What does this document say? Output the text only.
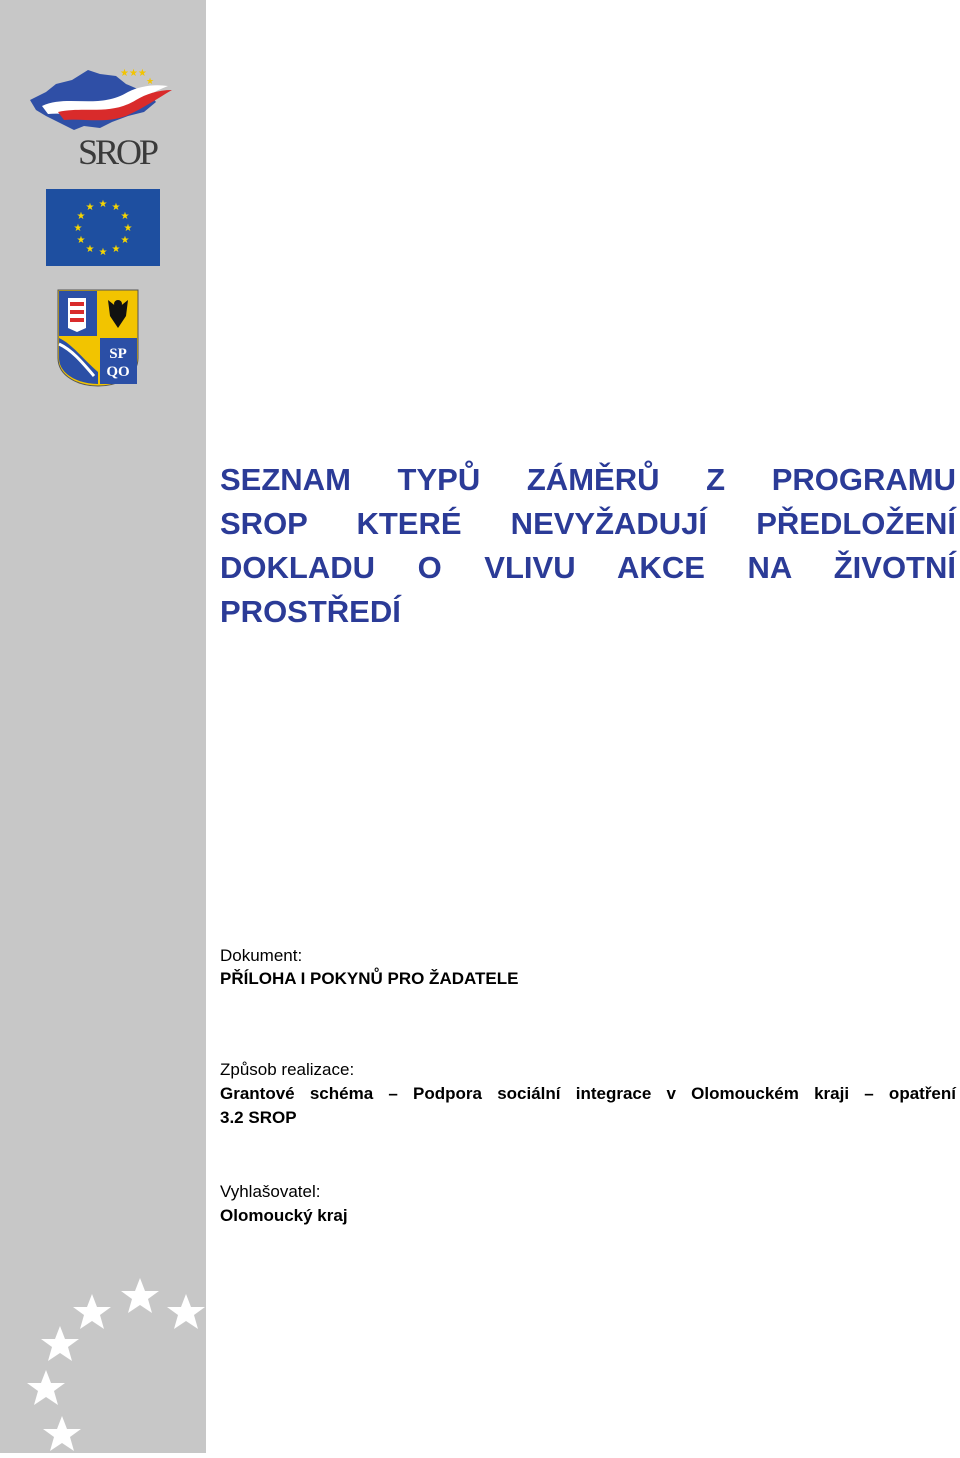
★★★
★
SROP
★ ★
★
★
★
★
★
★
★
★
★
★
SP
QO
SEZNAM TYPŮ ZÁMĚRŮ Z PROGRAMU
SROP KTERÉ NEVYŽADUJÍ PŘEDLOŽENÍ
DOKLADU O VLIVU AKCE NA ŽIVOTNÍ
PROSTŘEDÍ
Dokument:
PŘÍLOHA I POKYNŮ PRO ŽADATELE
Způsob realizace:
Grantové schéma – Podpora sociální integrace v Olomouckém kraji – opatření
3.2 SROP
Vyhlašovatel:
Olomoucký kraj
